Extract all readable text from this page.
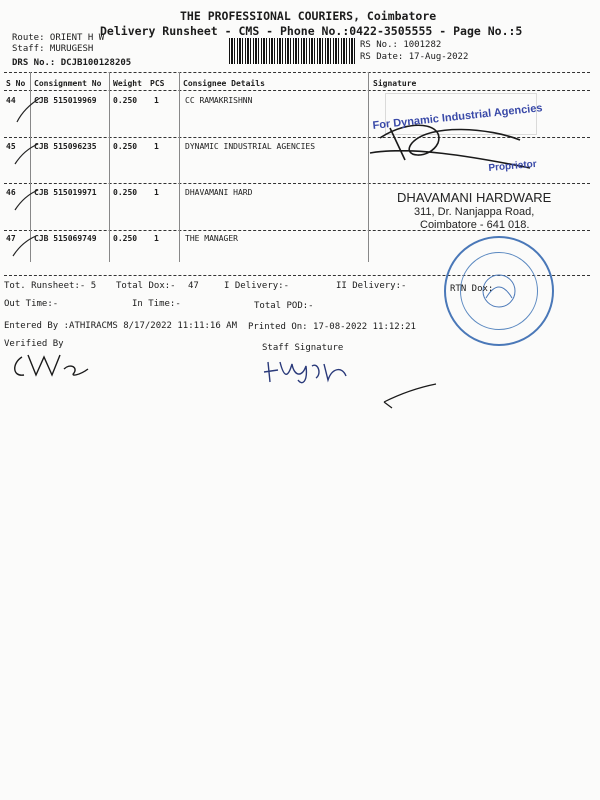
THE PROFESSIONAL COURIERS, Coimbatore
Delivery Runsheet - CMS - Phone No.:0422-3505555 - Page No.:5
Route: ORIENT H W
Staff: MURUGESH
DRS No.: DCJB100128205
RS No.: 1001282
RS Date: 17-Aug-2022
S No Consignment No Weight PCS Consignee Details	Signature
44 CJB 515019969 0.250 1	CC RAMAKRISHNN
45 CJB 515096235 0.250 1	DYNAMIC INDUSTRIAL AGENCIES
46 CJB 515019971 0.250 1	DHAVAMANI HARD
47 CJB 515069749 0.250 1	THE MANAGER
For Dynamic Industrial Agencies
Proprietor
DHAVAMANI HARDWARE
311, Dr. Nanjappa Road,
Coimbatore - 641 018.
Tot. Runsheet:- 5 Total Dox:- 47	I Delivery:-	II Delivery:-	RTN Dox:
Out Time:-	In Time:-	Total POD:-
Entered By :ATHIRACMS 8/17/2022 11:11:16 AM Printed On: 17-08-2022 11:12:21
Verified By	Staff Signature
